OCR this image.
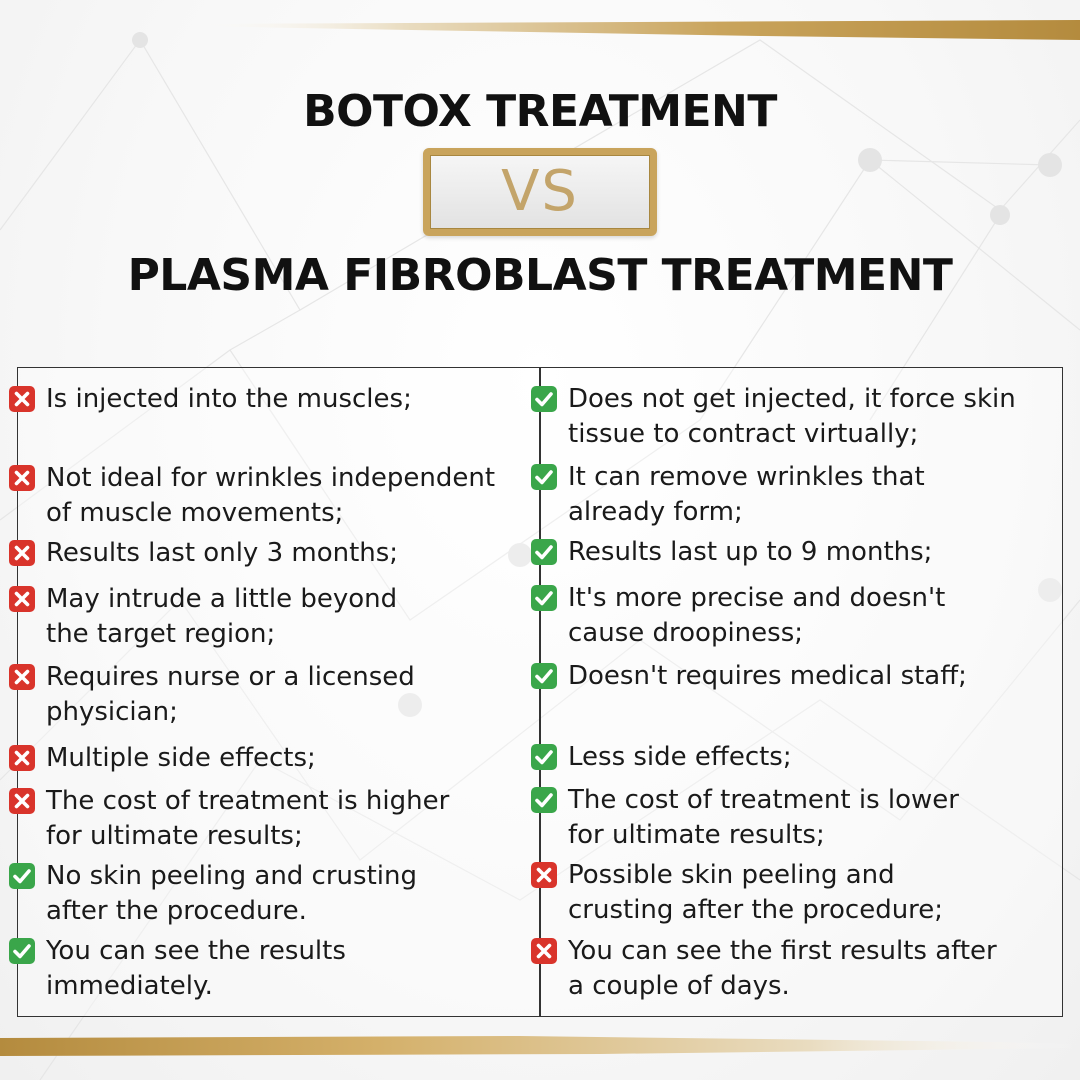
BOTOX TREATMENT
VS
PLASMA FIBROBLAST TREATMENT
Is injected into the muscles;
Not ideal for wrinkles independent
of muscle movements;
Results last only 3 months;
May intrude a little beyond
the target region;
Requires nurse or a licensed
physician;
Multiple side effects;
The cost of treatment is higher
for ultimate results;
No skin peeling and crusting
after the procedure.
You can see the results
immediately.
Does not get injected, it force skin
tissue to contract virtually;
It can remove wrinkles that
already form;
Results last up to 9 months;
It's more precise and doesn't
cause droopiness;
Doesn't requires medical staff;
Less side effects;
The cost of treatment is lower
for ultimate results;
Possible skin peeling and
crusting after the procedure;
You can see the first results after
a couple of days.
